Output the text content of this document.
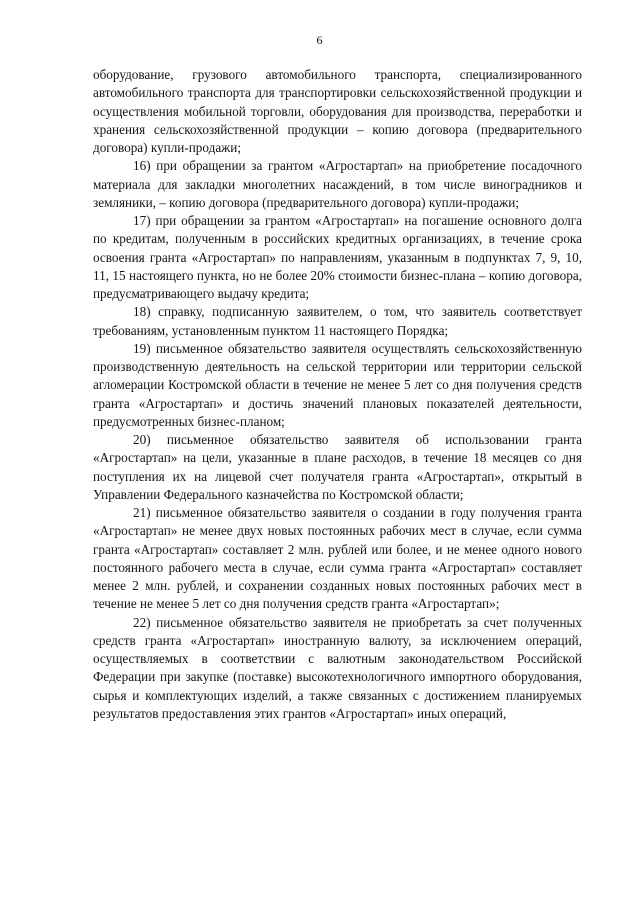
6

оборудование, грузового автомобильного транспорта, специализированного автомобильного транспорта для транспортировки сельскохозяйственной продукции и осуществления мобильной торговли, оборудования для производства, переработки и хранения сельскохозяйственной продукции – копию договора (предварительного договора) купли-продажи;

16) при обращении за грантом «Агростартап» на приобретение посадочного материала для закладки многолетних насаждений, в том числе виноградников и земляники, – копию договора (предварительного договора) купли-продажи;

17) при обращении за грантом «Агростартап» на погашение основного долга по кредитам, полученным в российских кредитных организациях, в течение срока освоения гранта «Агростартап» по направлениям, указанным в подпунктах 7, 9, 10, 11, 15 настоящего пункта, но не более 20% стоимости бизнес-плана – копию договора, предусматривающего выдачу кредита;

18) справку, подписанную заявителем, о том, что заявитель соответствует требованиям, установленным пунктом 11 настоящего Порядка;

19) письменное обязательство заявителя осуществлять сельскохозяйственную производственную деятельность на сельской территории или территории сельской агломерации Костромской области в течение не менее 5 лет со дня получения средств гранта «Агростартап» и достичь значений плановых показателей деятельности, предусмотренных бизнес-планом;

20) письменное обязательство заявителя об использовании гранта «Агростартап» на цели, указанные в плане расходов, в течение 18 месяцев со дня поступления их на лицевой счет получателя гранта «Агростартап», открытый в Управлении Федерального казначейства по Костромской области;

21) письменное обязательство заявителя о создании в году получения гранта «Агростартап» не менее двух новых постоянных рабочих мест в случае, если сумма гранта «Агростартап» составляет 2 млн. рублей или более, и не менее одного нового постоянного рабочего места в случае, если сумма гранта «Агростартап» составляет менее 2 млн. рублей, и сохранении созданных новых постоянных рабочих мест в течение не менее 5 лет со дня получения средств гранта «Агростартап»;

22) письменное обязательство заявителя не приобретать за счет полученных средств гранта «Агростартап» иностранную валюту, за исключением операций, осуществляемых в соответствии с валютным законодательством Российской Федерации при закупке (поставке) высокотехнологичного импортного оборудования, сырья и комплектующих изделий, а также связанных с достижением планируемых результатов предоставления этих грантов «Агростартап» иных операций,
